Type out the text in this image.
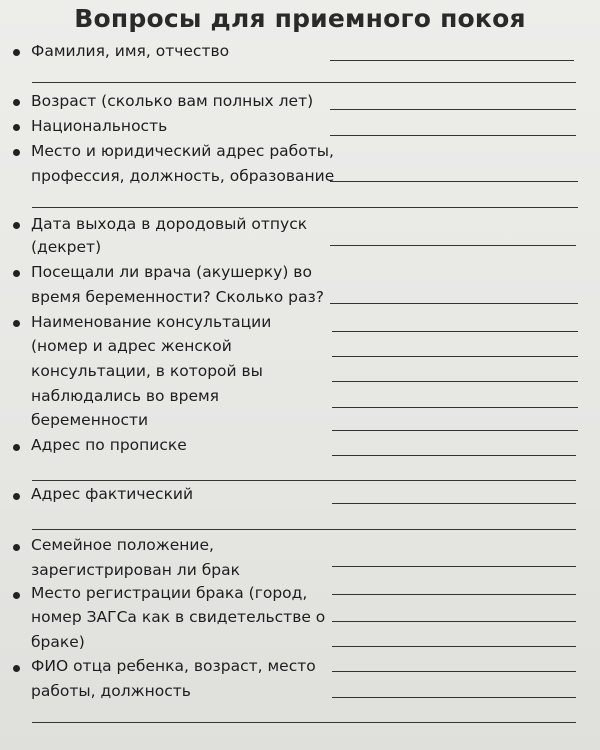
Вопросы для приемного покоя
Фамилия, имя, отчество
Возраст (сколько вам полных лет)
Национальность
Место и юридический адрес работы,
профессия, должность, образование
Дата выхода в дородовый отпуск
(декрет)
Посещали ли врача (акушерку) во
время беременности? Сколько раз?
Наименование консультации
(номер и адрес женской
консультации, в которой вы
наблюдались во время
беременности
Адрес по прописке
Адрес фактический
Семейное положение,
зарегистрирован ли брак
Место регистрации брака (город,
номер ЗАГСа как в свидетельстве о
браке)
ФИО отца ребенка, возраст, место
работы, должность
